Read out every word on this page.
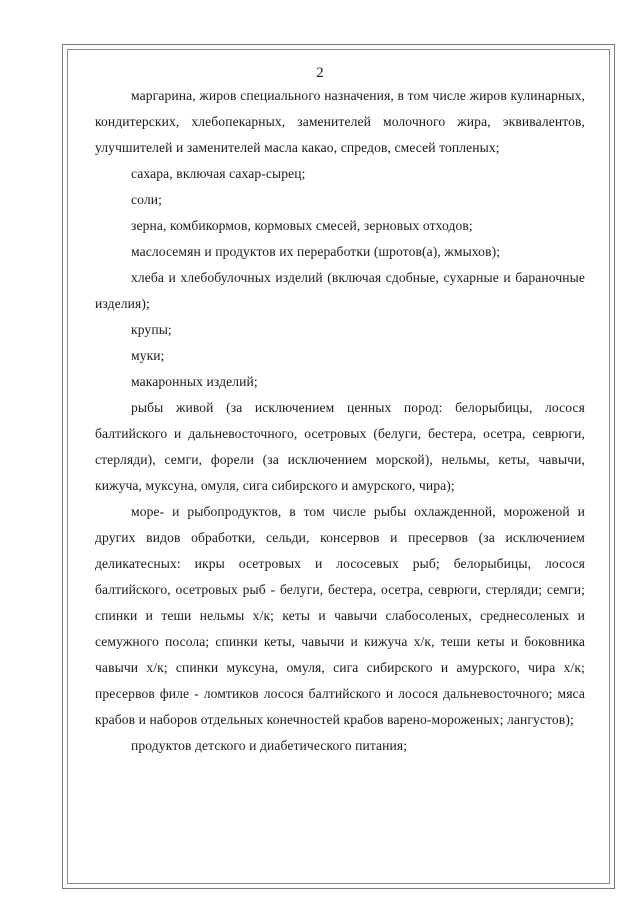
2

маргарина, жиров специального назначения, в том числе жиров кулинарных, кондитерских, хлебопекарных, заменителей молочного жира, эквивалентов, улучшителей и заменителей масла какао, спредов, смесей топленых;

сахара, включая сахар-сырец;

соли;

зерна, комбикормов, кормовых смесей, зерновых отходов;

маслосемян и продуктов их переработки (шротов(а), жмыхов);

хлеба и хлебобулочных изделий (включая сдобные, сухарные и бараночные изделия);

крупы;

муки;

макаронных изделий;

рыбы живой (за исключением ценных пород: белорыбицы, лосося балтийского и дальневосточного, осетровых (белуги, бестера, осетра, севрюги, стерляди), семги, форели (за исключением морской), нельмы, кеты, чавычи, кижуча, муксуна, омуля, сига сибирского и амурского, чира);

море- и рыбопродуктов, в том числе рыбы охлажденной, мороженой и других видов обработки, сельди, консервов и пресервов (за исключением деликатесных: икры осетровых и лососевых рыб; белорыбицы, лосося балтийского, осетровых рыб - белуги, бестера, осетра, севрюги, стерляди; семги; спинки и теши нельмы х/к; кеты и чавычи слабосоленых, среднесоленых и семужного посола; спинки кеты, чавычи и кижуча х/к, теши кеты и боковника чавычи х/к; спинки муксуна, омуля, сига сибирского и амурского, чира х/к; пресервов филе - ломтиков лосося балтийского и лосося дальневосточного; мяса крабов и наборов отдельных конечностей крабов варено-мороженых; лангустов);

продуктов детского и диабетического питания;
